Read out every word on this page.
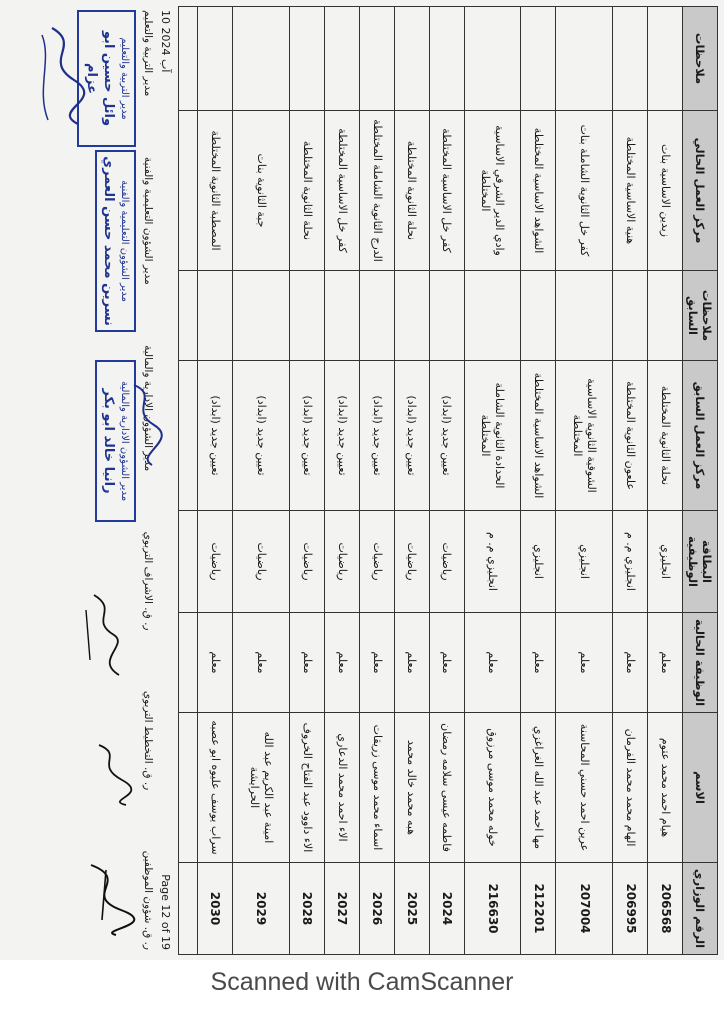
الرقم الوزاري	الاسم	الوظيفة الحالية	البطاقة الوظيفية	مركز العمل السابق	ملاحظات السابق	مركز العمل الحالي	ملاحظات
206568	هيام احمد محمد عتوم	معلم	انجليزي	نحلة الثانوية المختلطة		زبدين الاساسية بنات	
206995	الهام محمد محمد الفرمان	معلم	انجليزي م. م	علعون الثانوية المختلطة		هنية الاساسية المختلطة	
207004	عرين احمد حسني المحاسنة	معلم	انجليزي	الشوقية الثانوية الاساسية المختلطة		كفر خل الثانوية الشاملة بنات	
212201	مها احمد عبد الله الغراغزي	معلم	انجليزي	الشواهد الاساسية المختلطة		الشواهد الاساسية المختلطة	
216630	خوله محمد موسى مرزوق	معلم	انجليزي م. م	الحدادة الثانوية الشاملة المختلطة		وادي الدير الشرقي الاساسية المختلطة	
2024	فاطمه عيسى سلامه رمضان	معلم	رياضيات	تعيين جديد (ابداد)		كفر خل الاساسية المختلطة	
2025	هبه محمد خالد محمد	معلم	رياضيات	تعيين جديد (ابداد)		نحلة الثانوية المختلطة	
2026	اسماء محمد موسى زريقات	معلم	رياضيات	تعيين جديد (ابداد)		الدرج الثانوية الشاملة المختلطة	
2027	الاء احمد محمد الدعاري	معلم	رياضيات	تعيين جديد (ابداد)		كفر خل الاساسية المختلطة	
2028	الاء داوود عبد الفتاح الخروف	معلم	رياضيات	تعيين جديد (ابداد)		نحلة الثانوية المختلطة	
2029	امينة عبد الكريم عبد الله الحرايشة	معلم	رياضيات	تعيين جديد (ابداد)		جبة الثانوية بنات	
2030	سراب يوسف عليوه ابو عصبه	معلم	رياضيات	تعيين جديد (ابداد)		المصطبة الثانوية المختلطة	

10 آب 2024
Page 12 of 19
ر. ق. شؤون الموظفين
ر. ق. التخطيط التربوي
ر. ق. الاشراف التربوي
مدير الشؤون الادارية والمالية
مدير الشؤون التعليمية والفنية
مدير التربية والتعليم
مدير الشؤون الادارية والمالية
رانيا خالد ابو بكر
مدير الشؤون التعليمية والفنية
نسرين محمد حسن العمري
مدير التربية والتعليم
وائل حسين ابو عزام
Scanned with CamScanner
